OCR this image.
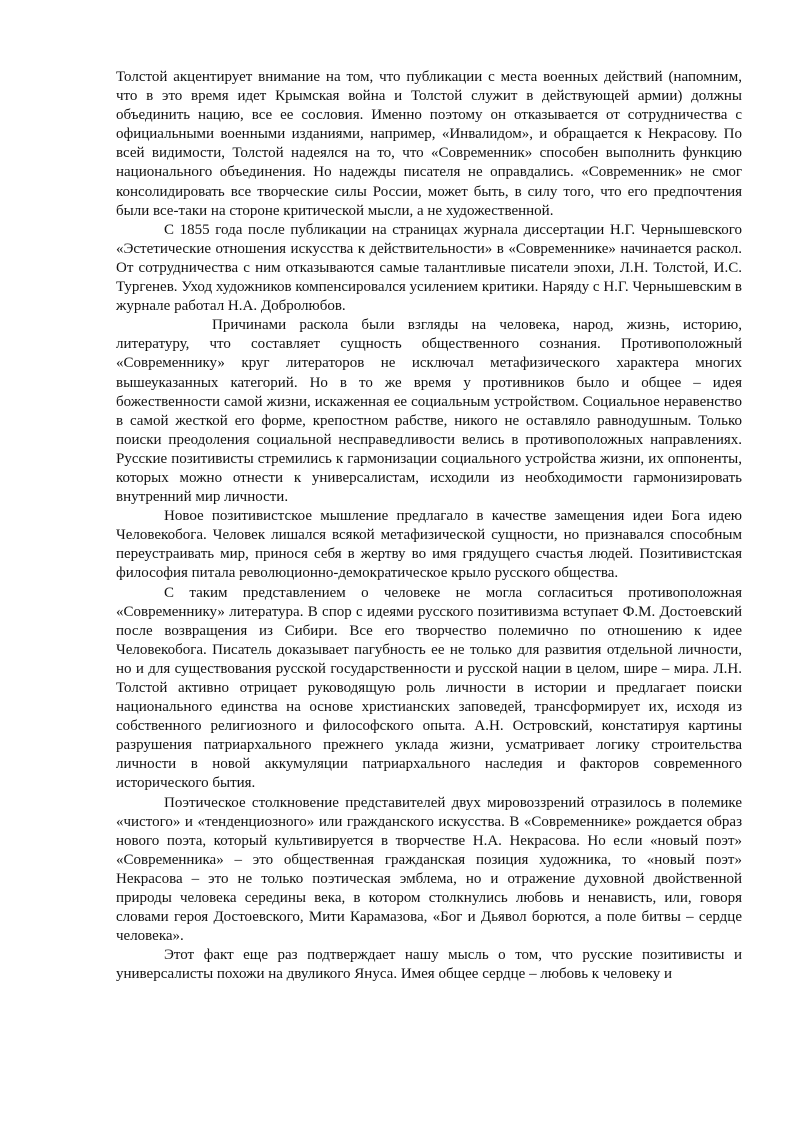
Толстой акцентирует внимание на том, что публикации с места военных действий (напомним, что в это время идет Крымская война и Толстой служит в действующей армии) должны объединить нацию, все ее сословия. Именно поэтому он отказывается от сотрудничества с официальными военными изданиями, например, «Инвалидом», и обращается к Некрасову. По всей видимости, Толстой надеялся на то, что «Современник» способен выполнить функцию национального объединения. Но надежды писателя не оправдались. «Современник» не смог консолидировать все творческие силы России, может быть, в силу того, что его предпочтения были все-таки на стороне критической мысли, а не художественной.

С 1855 года после публикации на страницах журнала диссертации Н.Г. Чернышевского «Эстетические отношения искусства к действительности» в «Современнике» начинается раскол. От сотрудничества с ним отказываются самые талантливые писатели эпохи, Л.Н. Толстой, И.С. Тургенев. Уход художников компенсировался усилением критики. Наряду с Н.Г. Чернышевским в журнале работал Н.А. Добролюбов.

Причинами раскола были взгляды на человека, народ, жизнь, историю, литературу, что составляет сущность общественного сознания. Противоположный «Современнику» круг литераторов не исключал метафизического характера многих вышеуказанных категорий. Но в то же время у противников было и общее – идея божественности самой жизни, искаженная ее социальным устройством. Социальное неравенство в самой жесткой его форме, крепостном рабстве, никого не оставляло равнодушным. Только поиски преодоления социальной несправедливости велись в противоположных направлениях. Русские позитивисты стремились к гармонизации социального устройства жизни, их оппоненты, которых можно отнести к универсалистам, исходили из необходимости гармонизировать внутренний мир личности.

Новое позитивистское мышление предлагало в качестве замещения идеи Бога идею Человекобога. Человек лишался всякой метафизической сущности, но признавался способным переустраивать мир, принося себя в жертву во имя грядущего счастья людей. Позитивистская философия питала революционно-демократическое крыло русского общества.

С таким представлением о человеке не могла согласиться противоположная «Современнику» литература. В спор с идеями русского позитивизма вступает Ф.М. Достоевский после возвращения из Сибири. Все его творчество полемично по отношению к идее Человекобога. Писатель доказывает пагубность ее не только для развития отдельной личности, но и для существования русской государственности и русской нации в целом, шире – мира. Л.Н. Толстой активно отрицает руководящую роль личности в истории и предлагает поиски национального единства на основе христианских заповедей, трансформирует их, исходя из собственного религиозного и философского опыта. А.Н. Островский, констатируя картины разрушения патриархального прежнего уклада жизни, усматривает логику строительства личности в новой аккумуляции патриархального наследия и факторов современного исторического бытия.

Поэтическое столкновение представителей двух мировоззрений отразилось в полемике «чистого» и «тенденциозного» или гражданского искусства. В «Современнике» рождается образ нового поэта, который культивируется в творчестве Н.А. Некрасова. Но если «новый поэт» «Современника» – это общественная гражданская позиция художника, то «новый поэт» Некрасова – это не только поэтическая эмблема, но и отражение духовной двойственной природы человека середины века, в котором столкнулись любовь и ненависть, или, говоря словами героя Достоевского, Мити Карамазова, «Бог и Дьявол борются, а поле битвы – сердце человека».

Этот факт еще раз подтверждает нашу мысль о том, что русские позитивисты и универсалисты похожи на двуликого Януса. Имея общее сердце – любовь к человеку и
